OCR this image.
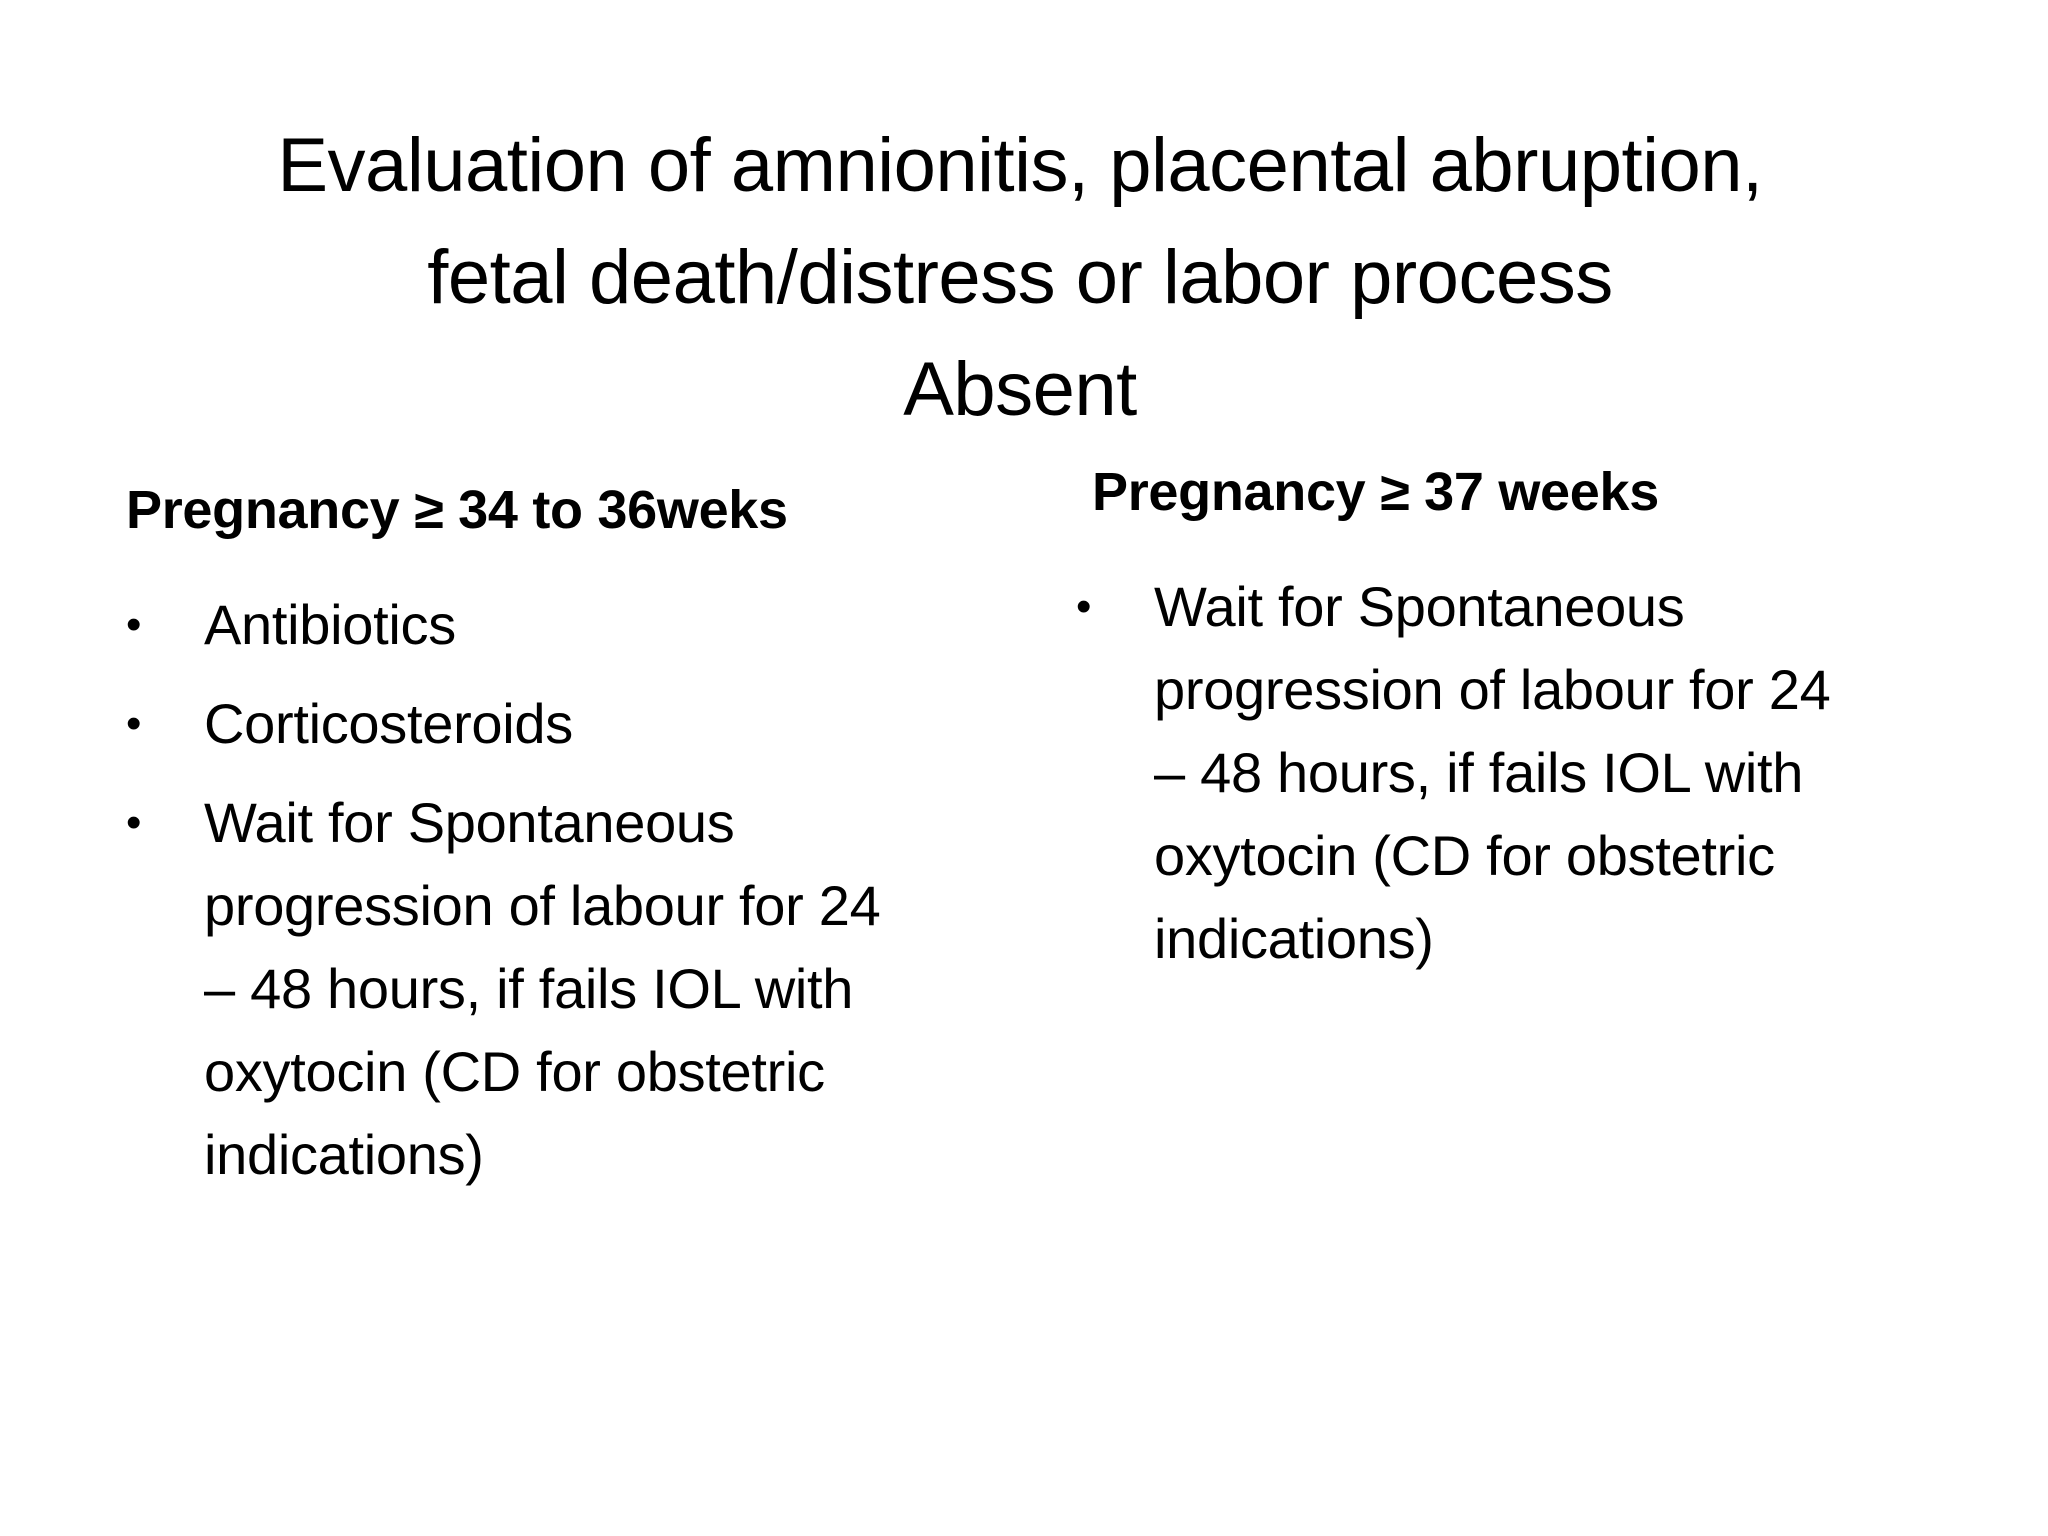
Evaluation of amnionitis, placental abruption,
fetal death/distress or labor process
Absent
Pregnancy ≥ 34 to 36weks
•	Antibiotics
•	Corticosteroids
•	Wait for Spontaneous
progression of labour for 24
– 48 hours, if fails IOL with
oxytocin (CD for obstetric
indications)
Pregnancy ≥ 37 weeks
•	Wait for Spontaneous
progression of labour for 24
– 48 hours, if fails IOL with
oxytocin (CD for obstetric
indications)
